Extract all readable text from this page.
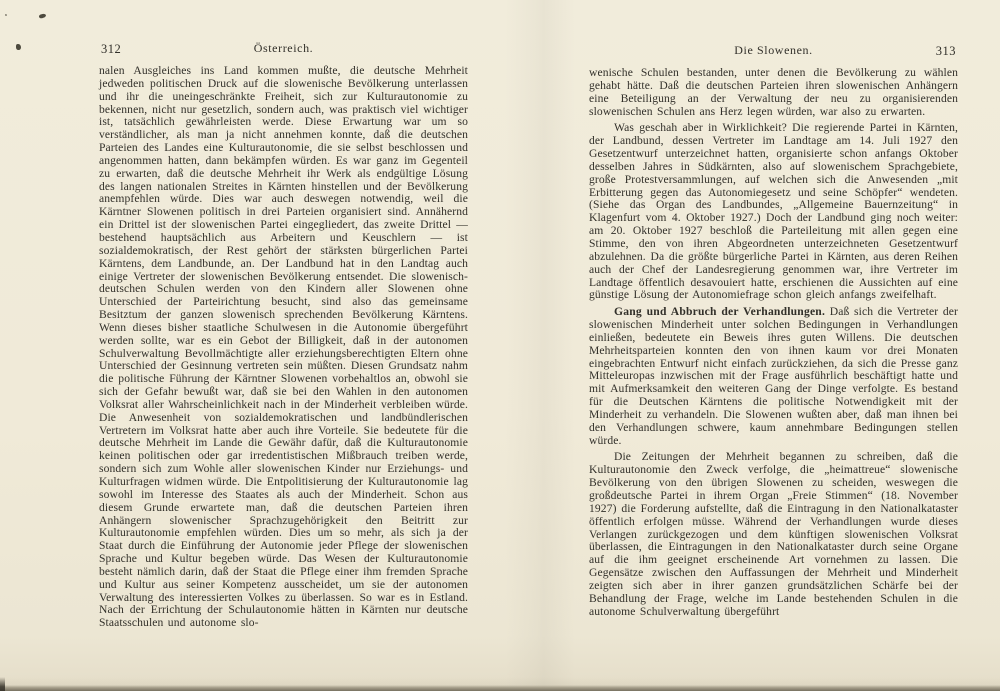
312	Österreich.

nalen Ausgleiches ins Land kommen mußte, die deutsche Mehrheit jedweden politischen Druck auf die slowenische Bevölkerung unterlassen und ihr die uneingeschränkte Freiheit, sich zur Kulturautonomie zu bekennen, nicht nur gesetzlich, sondern auch, was praktisch viel wichtiger ist, tatsächlich gewährleisten werde. Diese Erwartung war um so verständlicher, als man ja nicht annehmen konnte, daß die deutschen Parteien des Landes eine Kulturautonomie, die sie selbst beschlossen und angenommen hatten, dann bekämpfen würden. Es war ganz im Gegenteil zu erwarten, daß die deutsche Mehrheit ihr Werk als endgültige Lösung des langen nationalen Streites in Kärnten hinstellen und der Bevölkerung anempfehlen würde. Dies war auch deswegen notwendig, weil die Kärntner Slowenen politisch in drei Parteien organisiert sind. Annähernd ein Drittel ist der slowenischen Partei eingegliedert, das zweite Drittel — bestehend hauptsächlich aus Arbeitern und Keuschlern — ist sozialdemokratisch, der Rest gehört der stärksten bürgerlichen Partei Kärntens, dem Landbunde, an. Der Landbund hat in den Landtag auch einige Vertreter der slowenischen Bevölkerung entsendet. Die slowenisch-deutschen Schulen werden von den Kindern aller Slowenen ohne Unterschied der Parteirichtung besucht, sind also das gemeinsame Besitztum der ganzen slowenisch sprechenden Bevölkerung Kärntens. Wenn dieses bisher staatliche Schulwesen in die Autonomie übergeführt werden sollte, war es ein Gebot der Billigkeit, daß in der autonomen Schulverwaltung Bevollmächtigte aller erziehungsberechtigten Eltern ohne Unterschied der Gesinnung vertreten sein müßten. Diesen Grundsatz nahm die politische Führung der Kärntner Slowenen vorbehaltlos an, obwohl sie sich der Gefahr bewußt war, daß sie bei den Wahlen in den autonomen Volksrat aller Wahrscheinlichkeit nach in der Minderheit verbleiben würde. Die Anwesenheit von sozialdemokratischen und landbündlerischen Vertretern im Volksrat hatte aber auch ihre Vorteile. Sie bedeutete für die deutsche Mehrheit im Lande die Gewähr dafür, daß die Kulturautonomie keinen politischen oder gar irredentistischen Mißbrauch treiben werde, sondern sich zum Wohle aller slowenischen Kinder nur Erziehungs- und Kulturfragen widmen würde. Die Entpolitisierung der Kulturautonomie lag sowohl im Interesse des Staates als auch der Minderheit. Schon aus diesem Grunde erwartete man, daß die deutschen Parteien ihren Anhängern slowenischer Sprachzugehörigkeit den Beitritt zur Kulturautonomie empfehlen würden. Dies um so mehr, als sich ja der Staat durch die Einführung der Autonomie jeder Pflege der slowenischen Sprache und Kultur begeben würde. Das Wesen der Kulturautonomie besteht nämlich darin, daß der Staat die Pflege einer ihm fremden Sprache und Kultur aus seiner Kompetenz ausscheidet, um sie der autonomen Verwaltung des interessierten Volkes zu überlassen. So war es in Estland. Nach der Errichtung der Schulautonomie hätten in Kärnten nur deutsche Staatsschulen und autonome slo-

Die Slowenen.	313

wenische Schulen bestanden, unter denen die Bevölkerung zu wählen gehabt hätte. Daß die deutschen Parteien ihren slowenischen Anhängern eine Beteiligung an der Verwaltung der neu zu organisierenden slowenischen Schulen ans Herz legen würden, war also zu erwarten.

Was geschah aber in Wirklichkeit? Die regierende Partei in Kärnten, der Landbund, dessen Vertreter im Landtage am 14. Juli 1927 den Gesetzentwurf unterzeichnet hatten, organisierte schon anfangs Oktober desselben Jahres in Südkärnten, also auf slowenischem Sprachgebiete, große Protestversammlungen, auf welchen sich die Anwesenden „mit Erbitterung gegen das Autonomiegesetz und seine Schöpfer“ wendeten. (Siehe das Organ des Landbundes, „Allgemeine Bauernzeitung“ in Klagenfurt vom 4. Oktober 1927.) Doch der Landbund ging noch weiter: am 20. Oktober 1927 beschloß die Parteileitung mit allen gegen eine Stimme, den von ihren Abgeordneten unterzeichneten Gesetzentwurf abzulehnen. Da die größte bürgerliche Partei in Kärnten, aus deren Reihen auch der Chef der Landesregierung genommen war, ihre Vertreter im Landtage öffentlich desavouiert hatte, erschienen die Aussichten auf eine günstige Lösung der Autonomiefrage schon gleich anfangs zweifelhaft.

Gang und Abbruch der Verhandlungen. Daß sich die Vertreter der slowenischen Minderheit unter solchen Bedingungen in Verhandlungen einließen, bedeutete ein Beweis ihres guten Willens. Die deutschen Mehrheitsparteien konnten den von ihnen kaum vor drei Monaten eingebrachten Entwurf nicht einfach zurückziehen, da sich die Presse ganz Mitteleuropas inzwischen mit der Frage ausführlich beschäftigt hatte und mit Aufmerksamkeit den weiteren Gang der Dinge verfolgte. Es bestand für die Deutschen Kärntens die politische Notwendigkeit mit der Minderheit zu verhandeln. Die Slowenen wußten aber, daß man ihnen bei den Verhandlungen schwere, kaum annehmbare Bedingungen stellen würde.

Die Zeitungen der Mehrheit begannen zu schreiben, daß die Kulturautonomie den Zweck verfolge, die „heimattreue“ slowenische Bevölkerung von den übrigen Slowenen zu scheiden, weswegen die großdeutsche Partei in ihrem Organ „Freie Stimmen“ (18. November 1927) die Forderung aufstellte, daß die Eintragung in den Nationalkataster öffentlich erfolgen müsse. Während der Verhandlungen wurde dieses Verlangen zurückgezogen und dem künftigen slowenischen Volksrat überlassen, die Eintragungen in den Nationalkataster durch seine Organe auf die ihm geeignet erscheinende Art vornehmen zu lassen. Die Gegensätze zwischen den Auffassungen der Mehrheit und Minderheit zeigten sich aber in ihrer ganzen grundsätzlichen Schärfe bei der Behandlung der Frage, welche im Lande bestehenden Schulen in die autonome Schulverwaltung übergeführt
